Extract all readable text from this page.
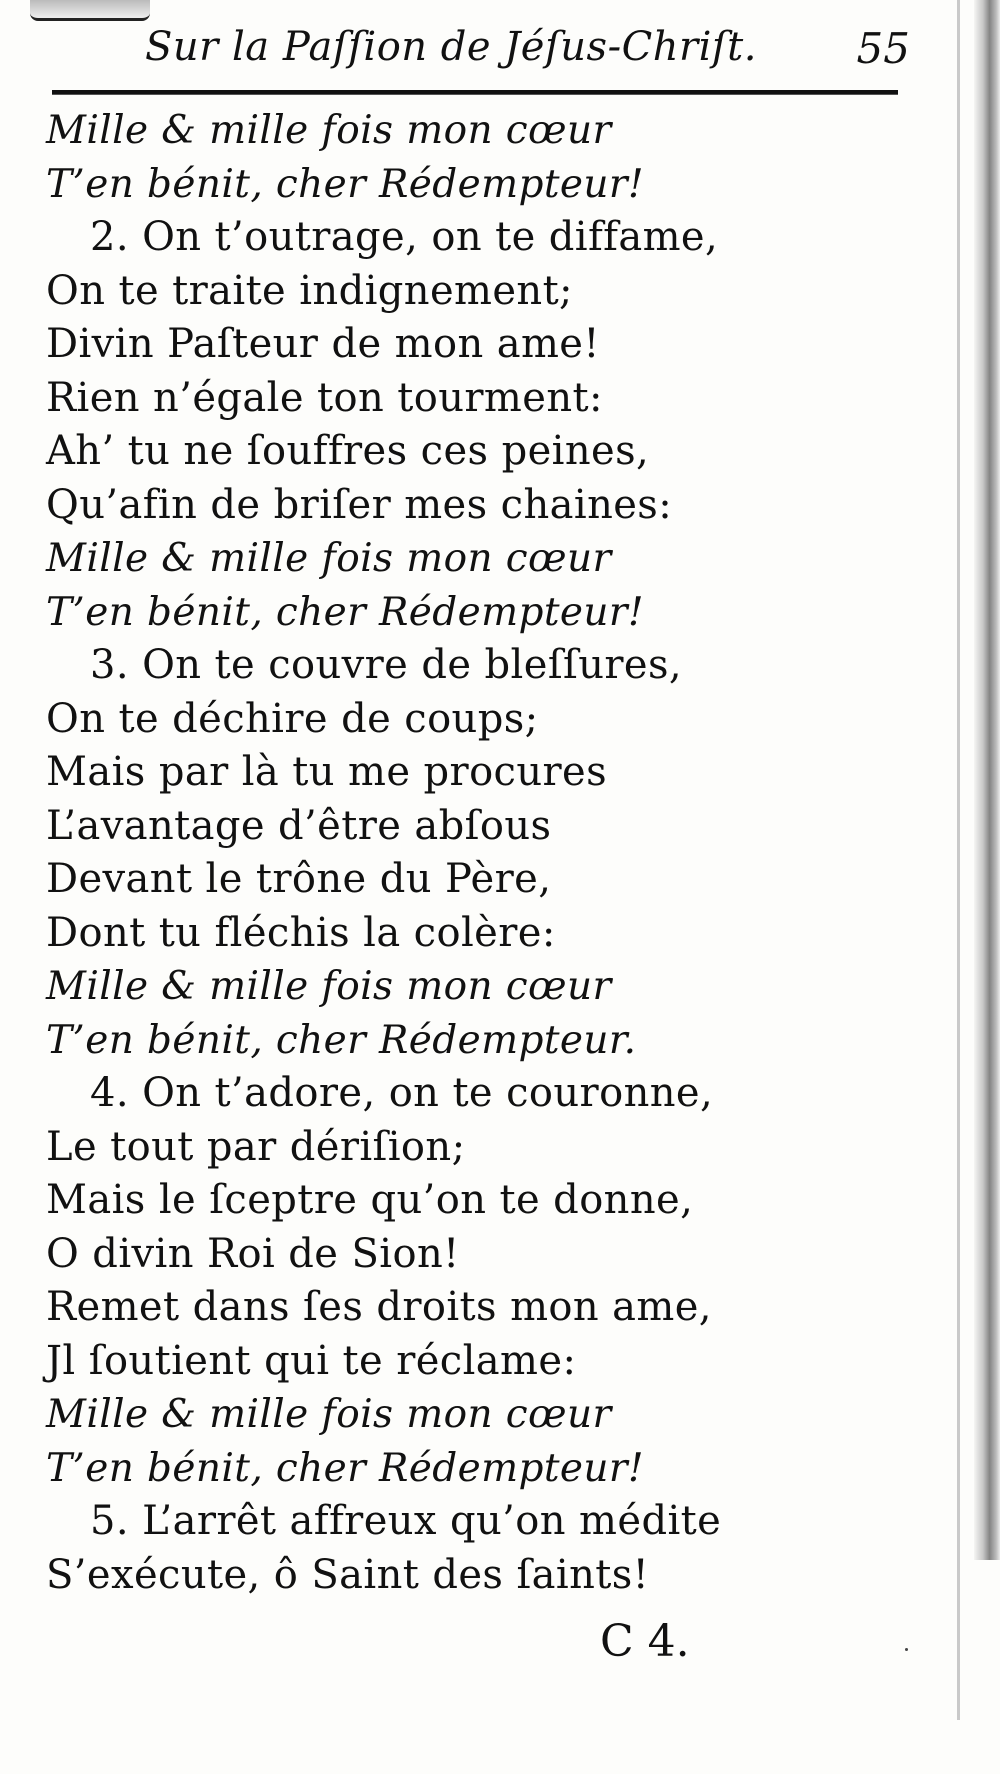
Sur la Paſſion de Jéſus-Chriſt. 55
Mille & mille fois mon cœur
T’en bénit, cher Rédempteur!
2. On t’outrage, on te diffame,
On te traite indignement;
Divin Paſteur de mon ame!
Rien n’égale ton tourment:
Ah’ tu ne ſouffres ces peines,
Qu’afin de briſer mes chaines:
Mille & mille fois mon cœur
T’en bénit, cher Rédempteur!
3. On te couvre de bleſſures,
On te déchire de coups;
Mais par là tu me procures
L’avantage d’être abſous
Devant le trône du Père,
Dont tu fléchis la colère:
Mille & mille fois mon cœur
T’en bénit, cher Rédempteur.
4. On t’adore, on te couronne,
Le tout par dériſion;
Mais le ſceptre qu’on te donne,
O divin Roi de Sion!
Remet dans ſes droits mon ame,
Jl ſoutient qui te réclame:
Mille & mille fois mon cœur
T’en bénit, cher Rédempteur!
5. L’arrêt affreux qu’on médite
S’exécute, ô Saint des ſaints!
C 4.
